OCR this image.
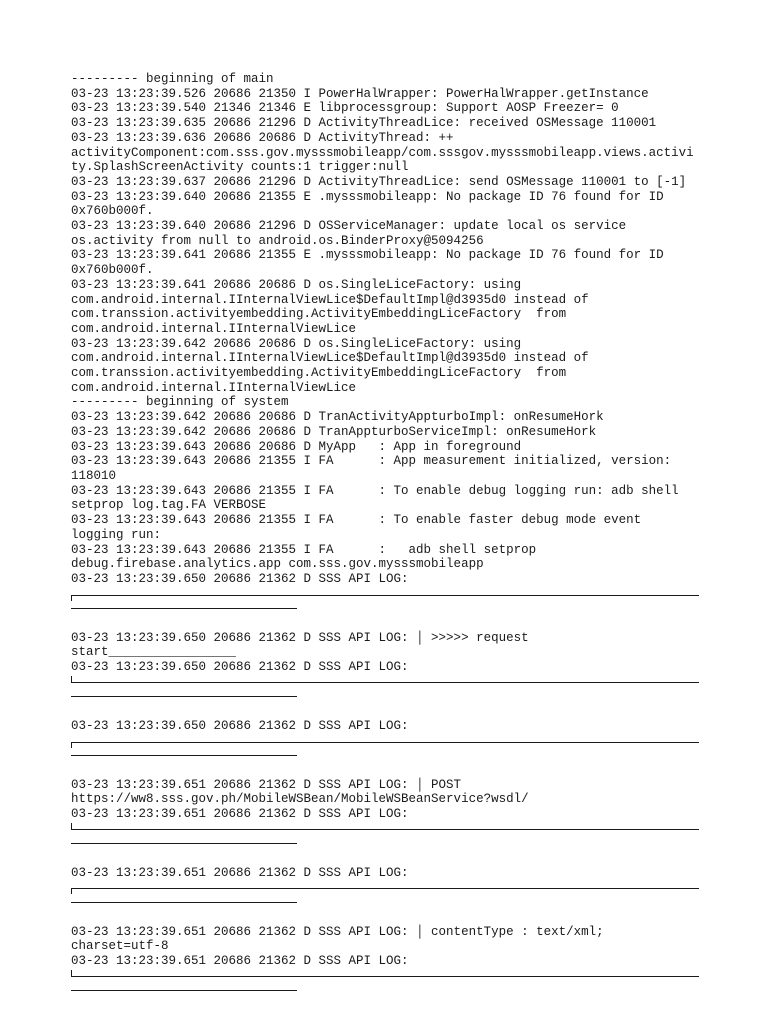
--------- beginning of main
03-23 13:23:39.526 20686 21350 I PowerHalWrapper: PowerHalWrapper.getInstance
03-23 13:23:39.540 21346 21346 E libprocessgroup: Support AOSP Freezer= 0
03-23 13:23:39.635 20686 21296 D ActivityThreadLice: received OSMessage 110001
03-23 13:23:39.636 20686 20686 D ActivityThread: ++
activityComponent:com.sss.gov.mysssmobileapp/com.sssgov.mysssmobileapp.views.activity.SplashScreenActivity counts:1 trigger:null
03-23 13:23:39.637 20686 21296 D ActivityThreadLice: send OSMessage 110001 to [-1]
03-23 13:23:39.640 20686 21355 E .mysssmobileapp: No package ID 76 found for ID
0x760b000f.
03-23 13:23:39.640 20686 21296 D OSServiceManager: update local os service
os.activity from null to android.os.BinderProxy@5094256
03-23 13:23:39.641 20686 21355 E .mysssmobileapp: No package ID 76 found for ID
0x760b000f.
03-23 13:23:39.641 20686 20686 D os.SingleLiceFactory: using
com.android.internal.IInternalViewLice$DefaultImpl@d3935d0 instead of
com.transsion.activityembedding.ActivityEmbeddingLiceFactory  from
com.android.internal.IInternalViewLice
03-23 13:23:39.642 20686 20686 D os.SingleLiceFactory: using
com.android.internal.IInternalViewLice$DefaultImpl@d3935d0 instead of
com.transsion.activityembedding.ActivityEmbeddingLiceFactory  from
com.android.internal.IInternalViewLice
--------- beginning of system
03-23 13:23:39.642 20686 20686 D TranActivityAppturboImpl: onResumeHork
03-23 13:23:39.642 20686 20686 D TranAppturboServiceImpl: onResumeHork
03-23 13:23:39.643 20686 20686 D MyApp   : App in foreground
03-23 13:23:39.643 20686 21355 I FA      : App measurement initialized, version:
118010
03-23 13:23:39.643 20686 21355 I FA      : To enable debug logging run: adb shell
setprop log.tag.FA VERBOSE
03-23 13:23:39.643 20686 21355 I FA      : To enable faster debug mode event
logging run:
03-23 13:23:39.643 20686 21355 I FA      :   adb shell setprop
debug.firebase.analytics.app com.sss.gov.mysssmobileapp
03-23 13:23:39.650 20686 21362 D SSS API LOG:
03-23 13:23:39.650 20686 21362 D SSS API LOG: │ >>>>> request
start_________________
03-23 13:23:39.650 20686 21362 D SSS API LOG:
03-23 13:23:39.650 20686 21362 D SSS API LOG:
03-23 13:23:39.651 20686 21362 D SSS API LOG: │ POST
https://ww8.sss.gov.ph/MobileWSBean/MobileWSBeanService?wsdl/
03-23 13:23:39.651 20686 21362 D SSS API LOG:
03-23 13:23:39.651 20686 21362 D SSS API LOG:
03-23 13:23:39.651 20686 21362 D SSS API LOG: │ contentType : text/xml;
charset=utf-8
03-23 13:23:39.651 20686 21362 D SSS API LOG:
